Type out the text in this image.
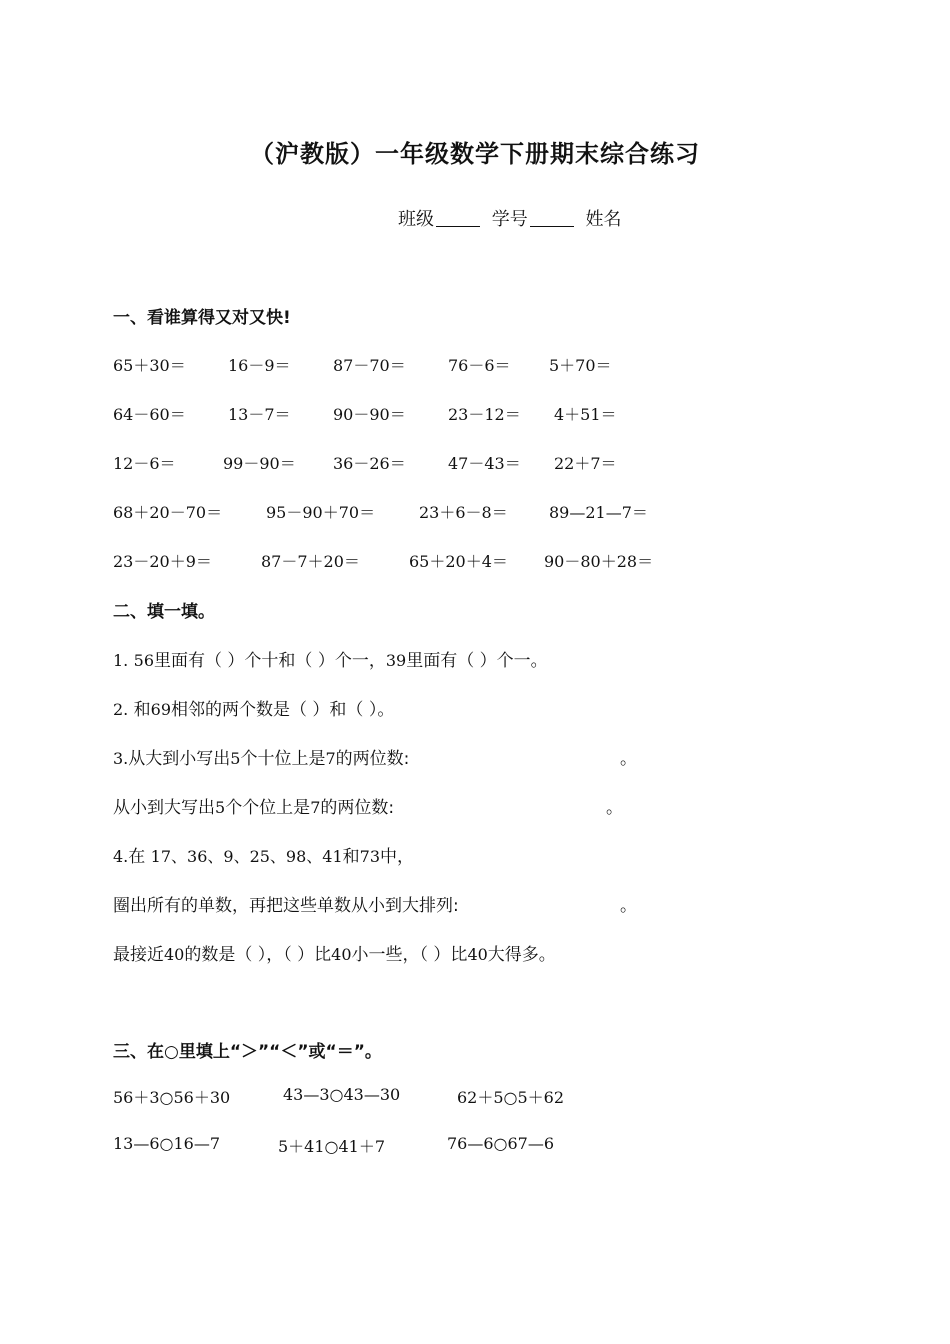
（沪教版）一年级数学下册期末综合练习
班级	学号	姓名
一、看谁算得又对又快!
65＋30＝	16－9＝	87－70＝	76－6＝ 5＋70＝
64－60＝	13－7＝	90－90＝	23－12＝ 4＋51＝
12－6＝	99－90＝ 36－26＝	47－43＝ 22＋7＝
68＋20－70＝	95－90＋70＝	23＋6－8＝	89—21—7＝
23－20＋9＝	87－7＋20＝	65＋20＋4＝ 90－80＋28＝
二、填一填。
1. 56里面有（ ）个十和（ ）个一，39里面有（ ）个一。
2. 和69相邻的两个数是（ ）和（ ）。
3.从大到小写出5个十位上是7的两位数:	。
从小到大写出5个个位上是7的两位数:	。
4.在 17、36、9、25、98、41和73中，
圈出所有的单数，再把这些单数从小到大排列:	。
最接近40的数是（ ），（ ）比40小一些，（ ）比40大得多。
三、在○里填上“＞”“＜”或“＝”。
56＋3○56＋30	43—3○43—30	62＋5○5＋62
13—6○16—7	5＋41○41＋7	76—6○67—6
